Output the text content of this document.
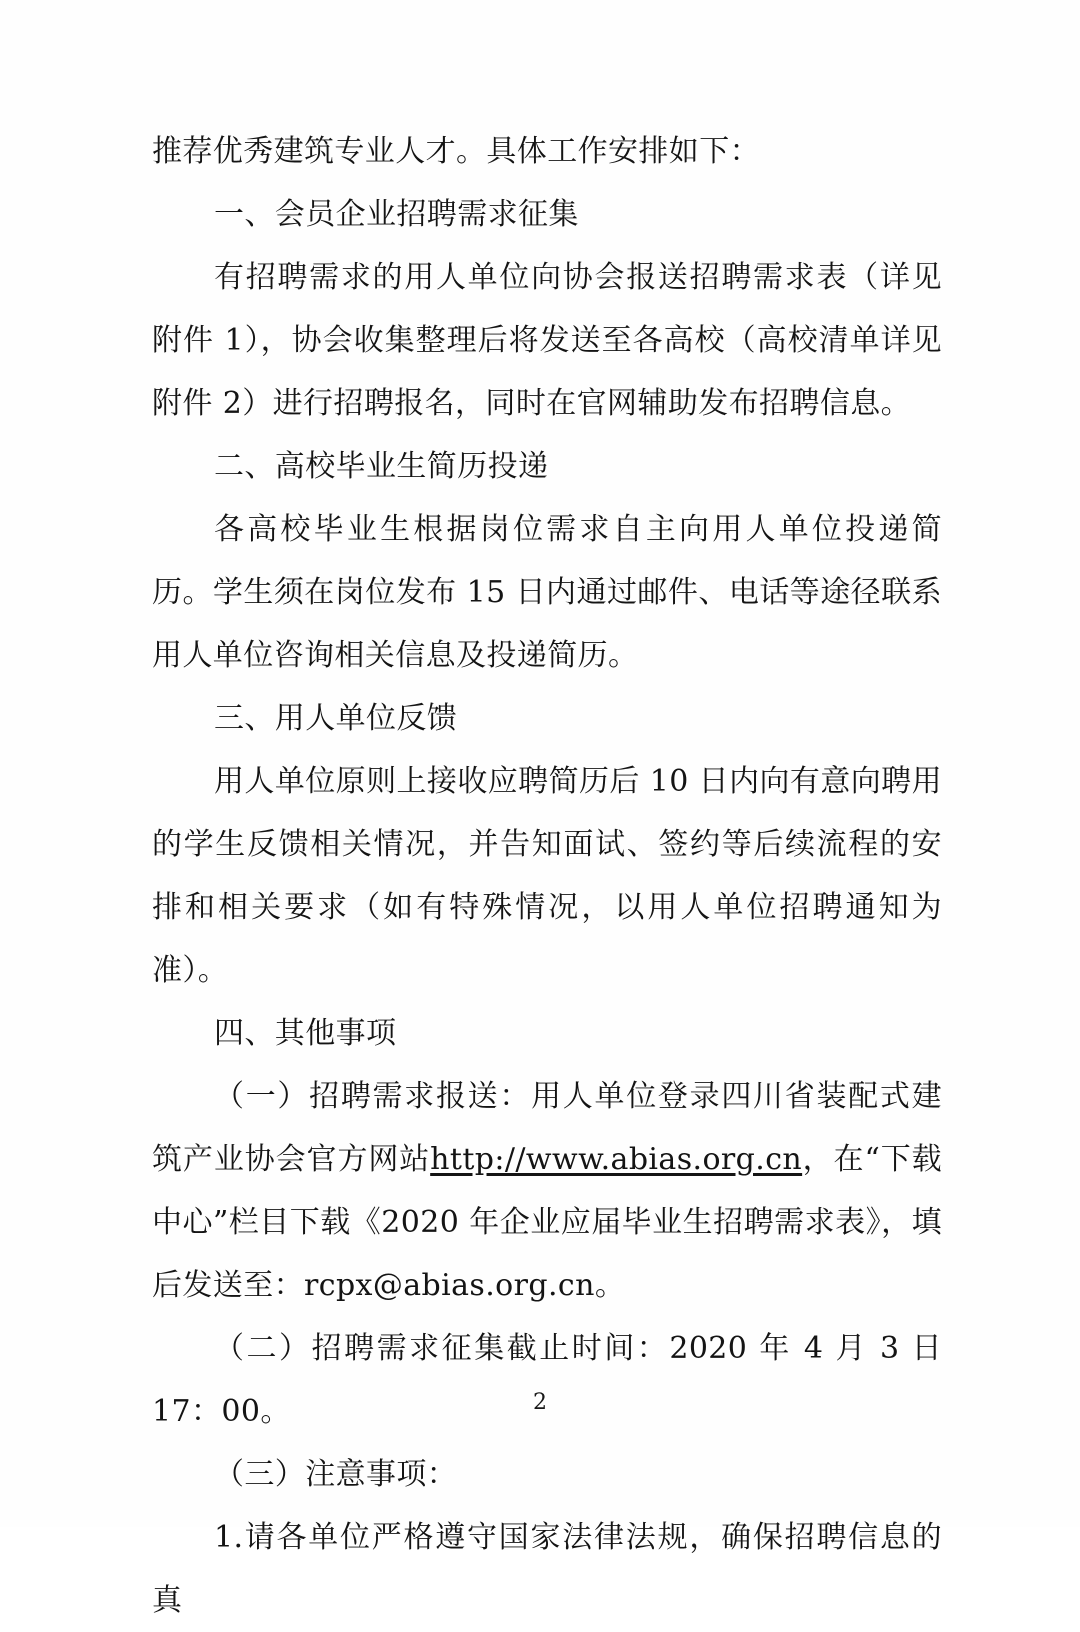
推荐优秀建筑专业人才。具体工作安排如下：

一、会员企业招聘需求征集

有招聘需求的用人单位向协会报送招聘需求表（详见附件 1），协会收集整理后将发送至各高校（高校清单详见附件 2）进行招聘报名，同时在官网辅助发布招聘信息。

二、高校毕业生简历投递

各高校毕业生根据岗位需求自主向用人单位投递简历。学生须在岗位发布 15 日内通过邮件、电话等途径联系用人单位咨询相关信息及投递简历。

三、用人单位反馈

用人单位原则上接收应聘简历后 10 日内向有意向聘用的学生反馈相关情况，并告知面试、签约等后续流程的安排和相关要求（如有特殊情况，以用人单位招聘通知为准）。

四、其他事项

（一）招聘需求报送：用人单位登录四川省装配式建筑产业协会官方网站http://www.abias.org.cn，在“下载中心”栏目下载《2020 年企业应届毕业生招聘需求表》，填后发送至：rcpx@abias.org.cn。

（二）招聘需求征集截止时间：2020 年 4 月 3 日 17：00。

（三）注意事项：

1.请各单位严格遵守国家法律法规，确保招聘信息的真

2
